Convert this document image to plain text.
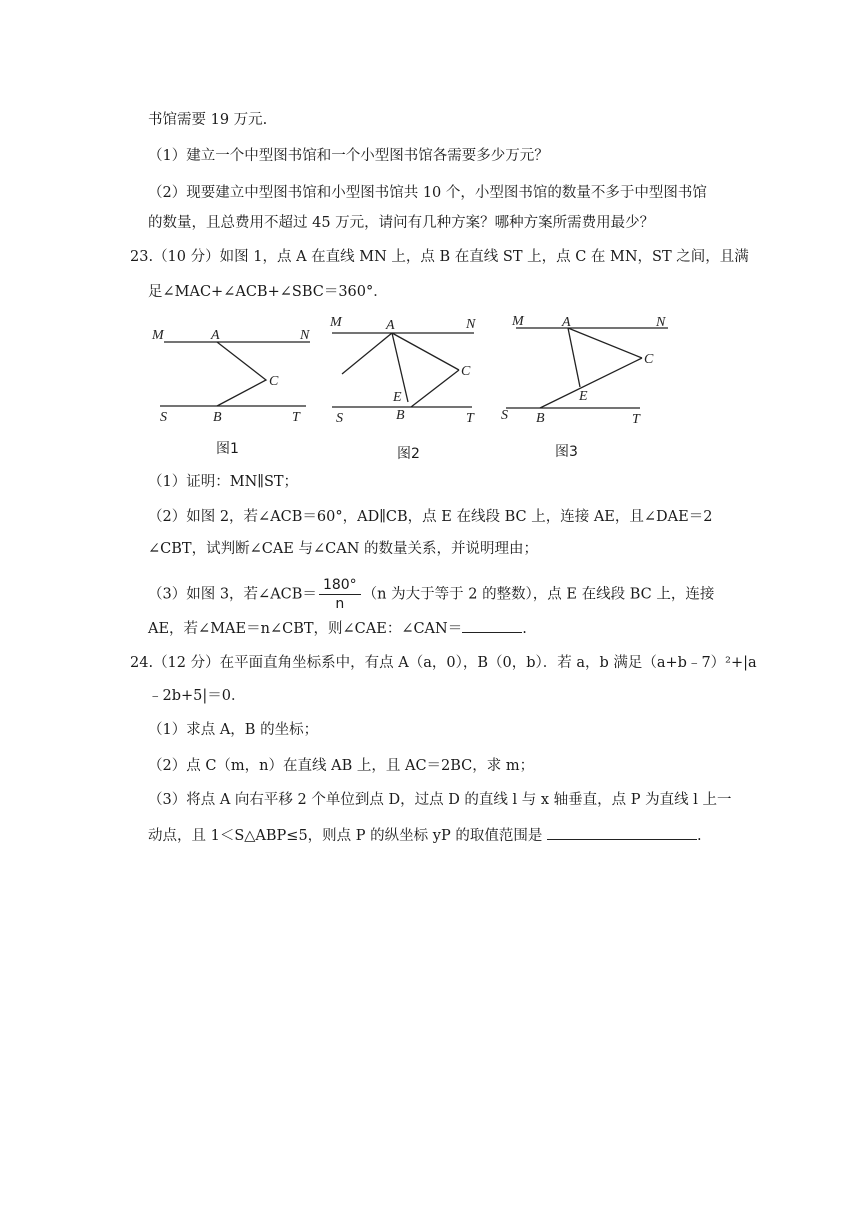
书馆需要 19 万元.
（1）建立一个中型图书馆和一个小型图书馆各需要多少万元？
（2）现要建立中型图书馆和小型图书馆共 10 个，小型图书馆的数量不多于中型图书馆
的数量，且总费用不超过 45 万元，请问有几种方案？哪种方案所需费用最少？
23.（10 分）如图 1，点 A 在直线 MN 上，点 B 在直线 ST 上，点 C 在 MN，ST 之间，且满
足∠MAC+∠ACB+∠SBC＝360°．
M	A	N
C
S	B	T
图1
M	A	N
C
E
S	B	T
图2
M	A	N
C
E
S B	T
图3
（1）证明：MN∥ST；
（2）如图 2，若∠ACB＝60°，AD∥CB，点 E 在线段 BC 上，连接 AE，且∠DAE＝2
∠CBT，试判断∠CAE 与∠CAN 的数量关系，并说明理由；
（3）如图 3，若∠ACB＝ $\frac{180^\circ}{n} (n$ 为大于等于 2 的整数），点 E 在线段 BC 上，连接
AE，若∠MAE＝n∠CBT，则∠CAE：∠CAN＝	.
24.（12 分）在平面直角坐标系中，有点 A（a，0），B（0，b）．若 a，b 满足（a+b﹣7）²+|a
﹣2b+5|＝0．
（1）求点 A，B 的坐标；
（2）点 C（m，n）在直线 AB 上，且 AC＝2BC，求 m；
（3）将点 A 向右平移 2 个单位到点 D，过点 D 的直线 l 与 x 轴垂直，点 P 为直线 l 上一
动点，且 1＜S△ABP≤5，则点 P 的纵坐标 yP 的取值范围是	.
